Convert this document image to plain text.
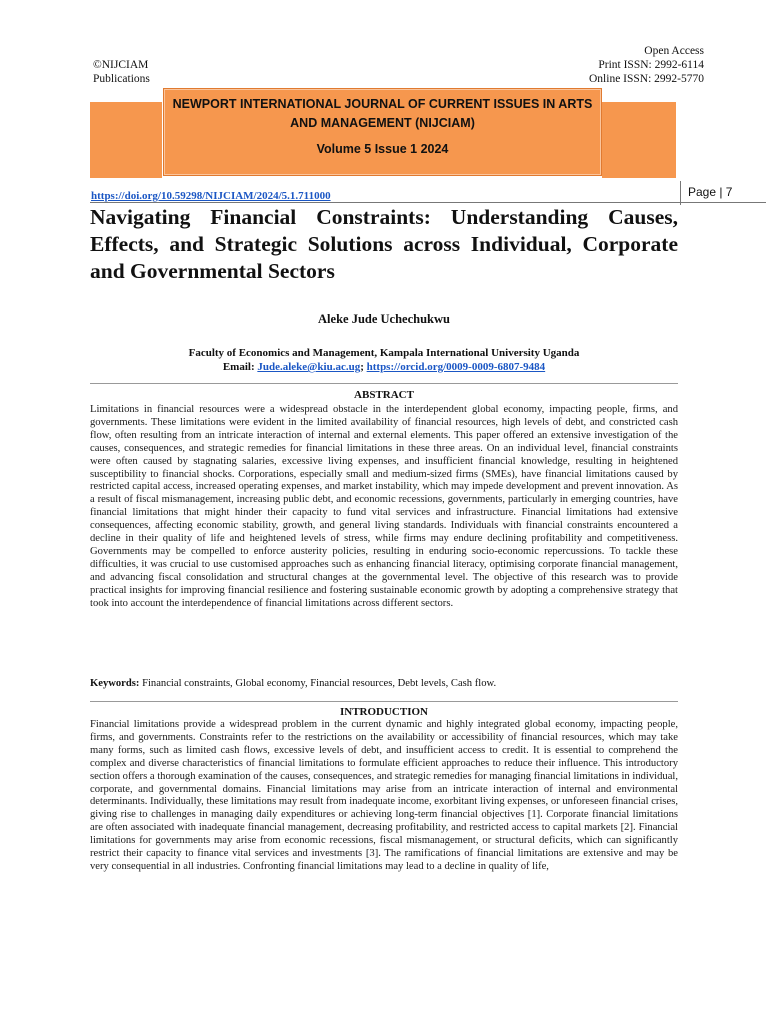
©NIJCIAM
Publications
Open Access
Print ISSN: 2992-6114
Online ISSN: 2992-5770
NEWPORT INTERNATIONAL JOURNAL OF CURRENT ISSUES IN ARTS AND MANAGEMENT (NIJCIAM)
Volume 5 Issue 1 2024
Page | 7
https://doi.org/10.59298/NIJCIAM/2024/5.1.711000
Navigating Financial Constraints: Understanding Causes, Effects, and Strategic Solutions across Individual, Corporate and Governmental Sectors
Aleke Jude Uchechukwu
Faculty of Economics and Management, Kampala International University Uganda
Email: Jude.aleke@kiu.ac.ug; https://orcid.org/0009-0009-6807-9484
ABSTRACT
Limitations in financial resources were a widespread obstacle in the interdependent global economy, impacting people, firms, and governments. These limitations were evident in the limited availability of financial resources, high levels of debt, and constricted cash flow, often resulting from an intricate interaction of internal and external elements. This paper offered an extensive investigation of the causes, consequences, and strategic remedies for financial limitations in these three areas. On an individual level, financial constraints were often caused by stagnating salaries, excessive living expenses, and insufficient financial knowledge, resulting in heightened susceptibility to financial shocks. Corporations, especially small and medium-sized firms (SMEs), have financial limitations caused by restricted capital access, increased operating expenses, and market instability, which may impede development and prevent innovation. As a result of fiscal mismanagement, increasing public debt, and economic recessions, governments, particularly in emerging countries, have financial limitations that might hinder their capacity to fund vital services and infrastructure. Financial limitations had extensive consequences, affecting economic stability, growth, and general living standards. Individuals with financial constraints encountered a decline in their quality of life and heightened levels of stress, while firms may endure declining profitability and competitiveness. Governments may be compelled to enforce austerity policies, resulting in enduring socio-economic repercussions. To tackle these difficulties, it was crucial to use customised approaches such as enhancing financial literacy, optimising corporate financial management, and advancing fiscal consolidation and structural changes at the governmental level. The objective of this research was to provide practical insights for improving financial resilience and fostering sustainable economic growth by adopting a comprehensive strategy that took into account the interdependence of financial limitations across different sectors.
Keywords: Financial constraints, Global economy, Financial resources, Debt levels, Cash flow.
INTRODUCTION
Financial limitations provide a widespread problem in the current dynamic and highly integrated global economy, impacting people, firms, and governments. Constraints refer to the restrictions on the availability or accessibility of financial resources, which may take many forms, such as limited cash flows, excessive levels of debt, and insufficient access to credit. It is essential to comprehend the complex and diverse characteristics of financial limitations to formulate efficient approaches to reduce their influence. This introductory section offers a thorough examination of the causes, consequences, and strategic remedies for managing financial limitations in individual, corporate, and governmental domains. Financial limitations may arise from an intricate interaction of internal and environmental determinants. Individually, these limitations may result from inadequate income, exorbitant living expenses, or unforeseen financial crises, giving rise to challenges in managing daily expenditures or achieving long-term financial objectives [1]. Corporate financial limitations are often associated with inadequate financial management, decreasing profitability, and restricted access to capital markets [2]. Financial limitations for governments may arise from economic recessions, fiscal mismanagement, or structural deficits, which can significantly restrict their capacity to finance vital services and investments [3]. The ramifications of financial limitations are extensive and may be very consequential in all industries. Confronting financial limitations may lead to a decline in quality of life,
